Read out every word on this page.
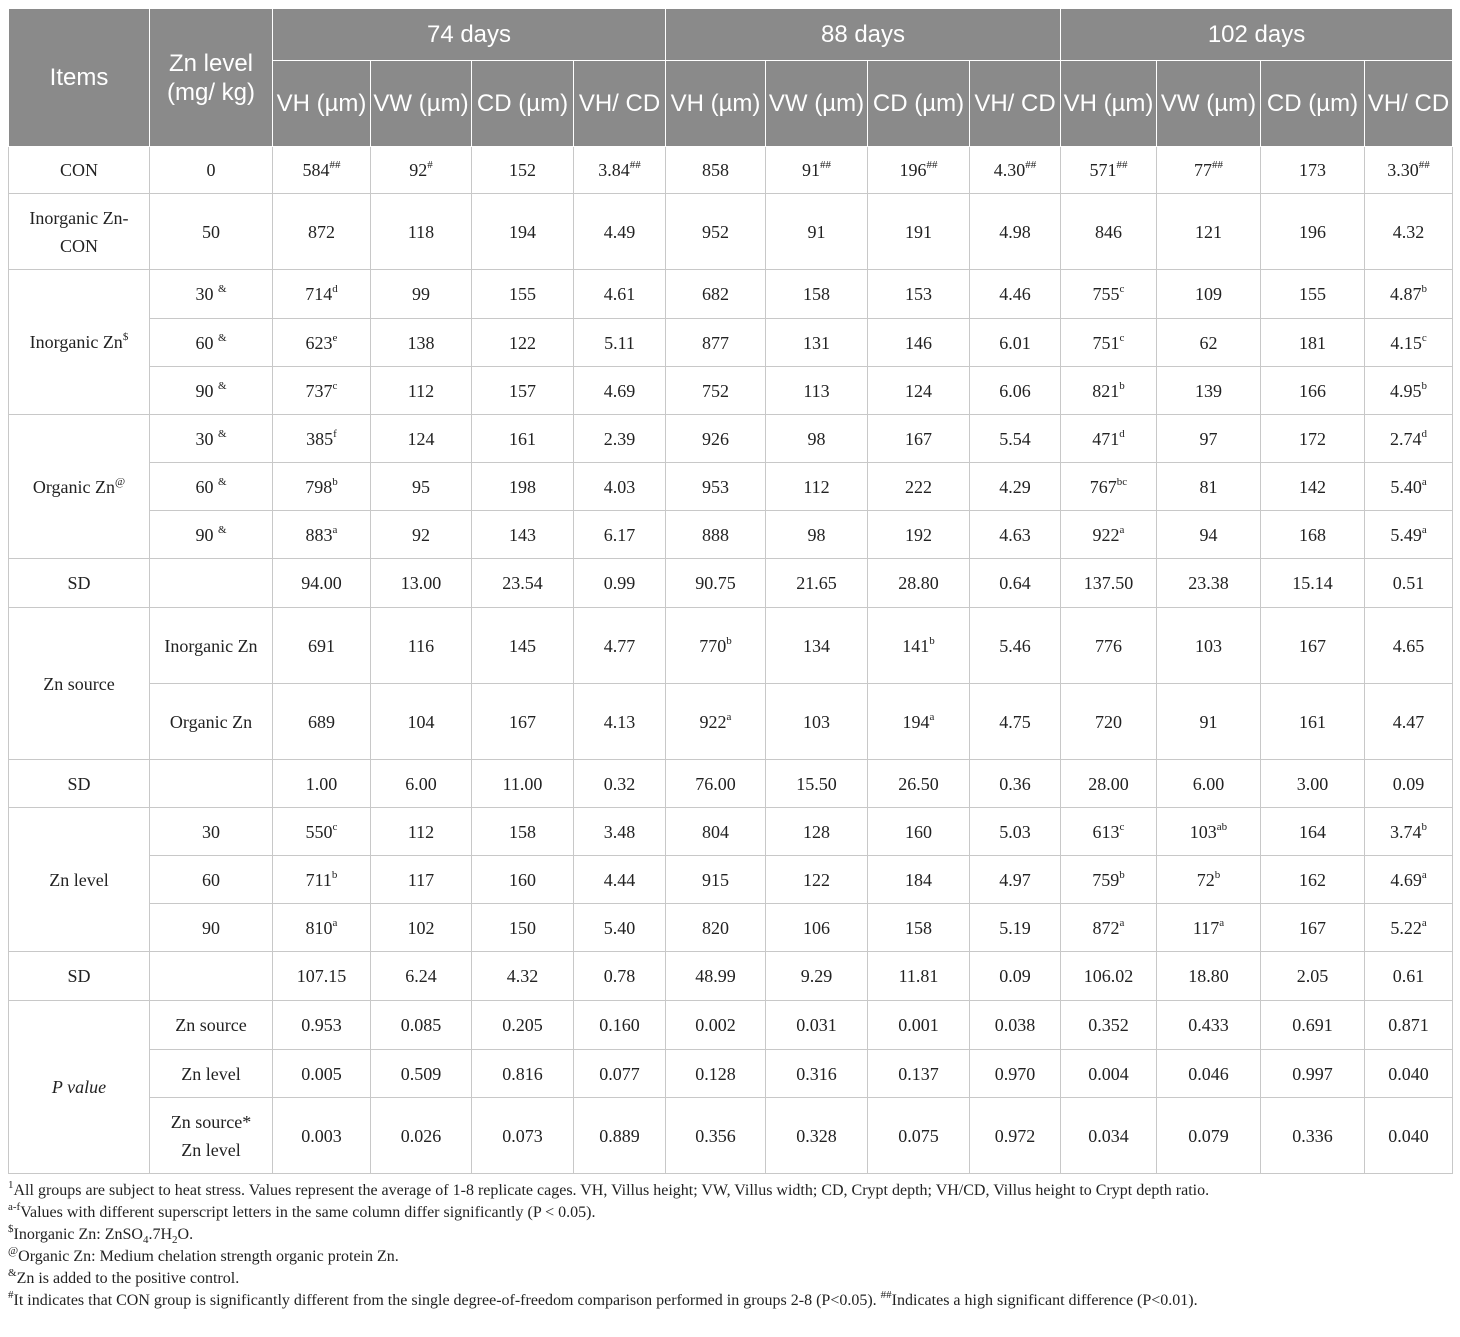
Items	Zn level (mg/ kg)	74 days				88 days				102 days			
		VH (µm)	VW (µm)	CD (µm)	VH/ CD	VH (µm)	VW (µm)	CD (µm)	VH/ CD	VH (µm)	VW (µm)	CD (µm)	VH/ CD
CON	0	584##	92#	152	3.84##	858	91##	196##	4.30##	571##	77##	173	3.30##
Inorganic Zn-CON	50	872	118	194	4.49	952	91	191	4.98	846	121	196	4.32
Inorganic Zn$	30 &	714$^d$	99	155	4.61	682	158	153	4.46	755$^c$	109	155	4.87$^b$
	60 &	623e	138	122	5.11	877	131	146	6.01	751$^c$	62	181	4.15$^c$
	90 &	737$^c$	112	157	4.69	752	113	124	6.06	821$^b$	139	166	4.95$^b$
Organic Zn@	30 &	385$^f$	124	161	2.39	926	98	167	5.54	471$^d$	97	172	2.74$^d$
	60 &	798$^b$	95	198	4.03	953	112	222	4.29	$767^{bc}$	81	142	5.40$^a$
	90 &	883$^a$	92	143	6.17	888	98	192	4.63	922$^a$	94	168	5.49$^a$
SD		94.00	13.00	23.54	0.99	90.75	21.65	28.80	0.64	137.50	23.38	15.14	0.51
Zn source	Inorganic Zn	691	116	145	4.77	770$^b$	134	141$^b$	5.46	776	103	167	4.65
	Organic Zn	689	104	167	4.13	922$^a$	103	194$^a$	4.75	720	91	161	4.47
SD		1.00	6.00	11.00	0.32	76.00	15.50	26.50	0.36	28.00	6.00	3.00	0.09
Zn level	30	550$^c$	112	158	3.48	804	128	160	5.03	613$^c$	$103^{ab}$	164	3.74$^b$
	60	711$^b$	117	160	4.44	915	122	184	4.97	759$^b$	72$^b$	162	4.69$^a$
	90	810$^a$	102	150	5.40	820	106	158	5.19	872$^a$	117$^a$	167	5.22$^a$
SD		107.15	6.24	4.32	0.78	48.99	9.29	11.81	0.09	106.02	18.80	2.05	0.61
P value	Zn source	0.953	0.085	0.205	0.160	0.002	0.031	0.001	0.038	0.352	0.433	0.691	0.871
	Zn level	0.005	0.509	0.816	0.077	0.128	0.316	0.137	0.970	0.004	0.046	0.997	0.040
	Zn source* Zn level	0.003	0.026	0.073	0.889	0.356	0.328	0.075	0.972	0.034	0.079	0.336	0.040
$^1$All groups are subject to heat stress. Values represent the average of 1-8 replicate cages. VH, Villus height; VW, Villus width; CD, Crypt depth; VH/CD, Villus height to Crypt depth ratio.
$^{a-f}$Values with different superscript letters in the same column differ significantly (P < 0.05).
$Inorganic Zn: $ZnSO_4.7H_2O$.
@Organic Zn: Medium chelation strength organic protein Zn.
&Zn is added to the positive control.
#It indicates that CON group is significantly different from the single degree-of-freedom comparison performed in groups 2-8 (P<0.05). ##Indicates a high significant difference (P<0.01).
